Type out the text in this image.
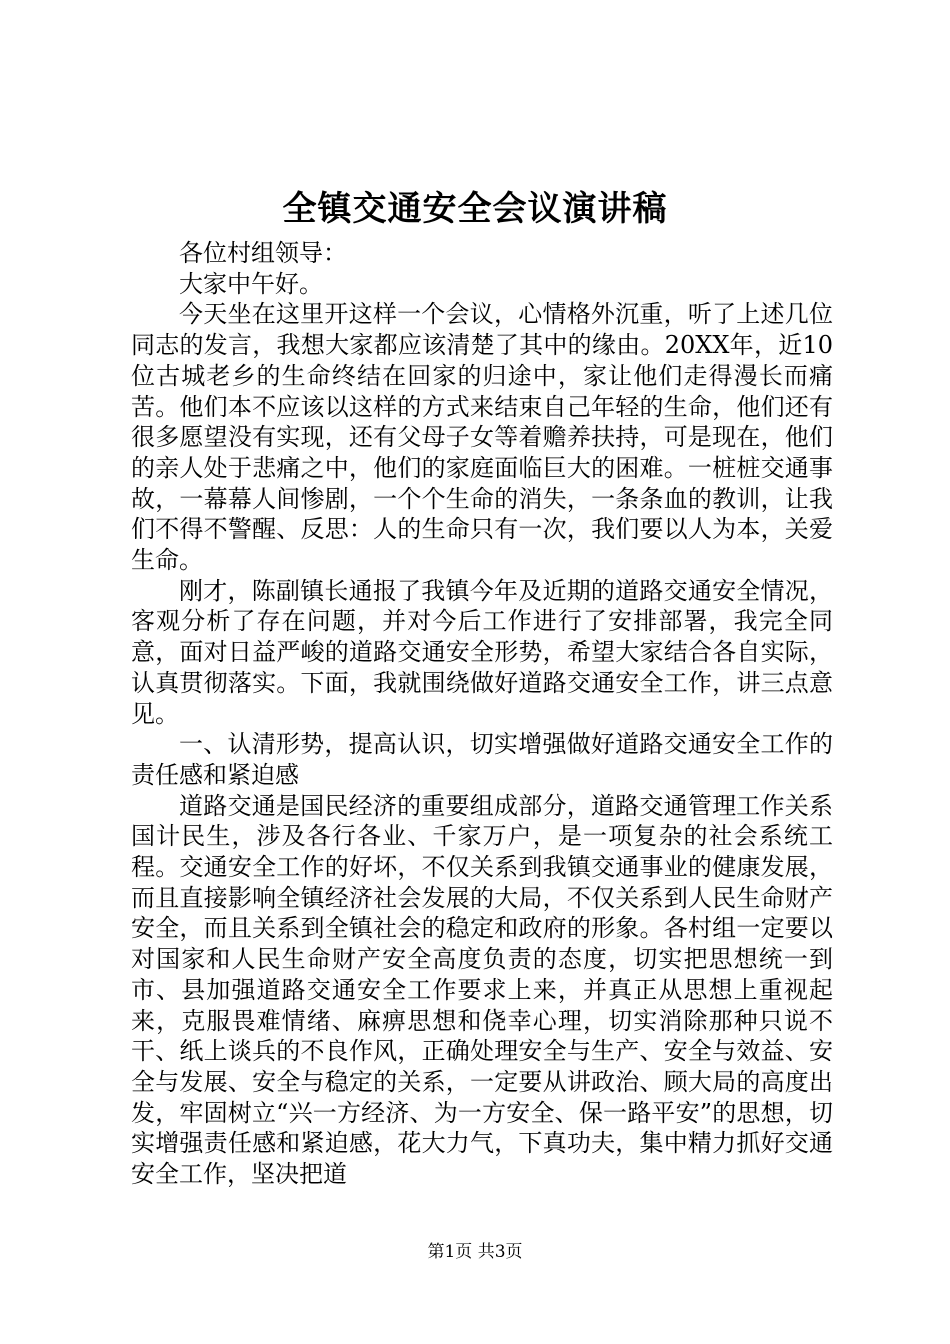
全镇交通安全会议演讲稿

各位村组领导：

大家中午好。

今天坐在这里开这样一个会议，心情格外沉重，听了上述几位同志的发言，我想大家都应该清楚了其中的缘由。20XX年，近10位古城老乡的生命终结在回家的归途中，家让他们走得漫长而痛苦。他们本不应该以这样的方式来结束自己年轻的生命，他们还有很多愿望没有实现，还有父母子女等着赡养扶持，可是现在，他们的亲人处于悲痛之中，他们的家庭面临巨大的困难。一桩桩交通事故，一幕幕人间惨剧，一个个生命的消失，一条条血的教训，让我们不得不警醒、反思：人的生命只有一次，我们要以人为本，关爱生命。

刚才，陈副镇长通报了我镇今年及近期的道路交通安全情况，客观分析了存在问题，并对今后工作进行了安排部署，我完全同意，面对日益严峻的道路交通安全形势，希望大家结合各自实际，认真贯彻落实。下面，我就围绕做好道路交通安全工作，讲三点意见。

一、认清形势，提高认识，切实增强做好道路交通安全工作的责任感和紧迫感

道路交通是国民经济的重要组成部分，道路交通管理工作关系国计民生，涉及各行各业、千家万户，是一项复杂的社会系统工程。交通安全工作的好坏，不仅关系到我镇交通事业的健康发展，而且直接影响全镇经济社会发展的大局，不仅关系到人民生命财产安全，而且关系到全镇社会的稳定和政府的形象。各村组一定要以对国家和人民生命财产安全高度负责的态度，切实把思想统一到市、县加强道路交通安全工作要求上来，并真正从思想上重视起来，克服畏难情绪、麻痹思想和侥幸心理，切实消除那种只说不干、纸上谈兵的不良作风，正确处理安全与生产、安全与效益、安全与发展、安全与稳定的关系，一定要从讲政治、顾大局的高度出发，牢固树立“兴一方经济、为一方安全、保一路平安”的思想，切实增强责任感和紧迫感，花大力气，下真功夫，集中精力抓好交通安全工作，坚决把道

第1页 共3页
